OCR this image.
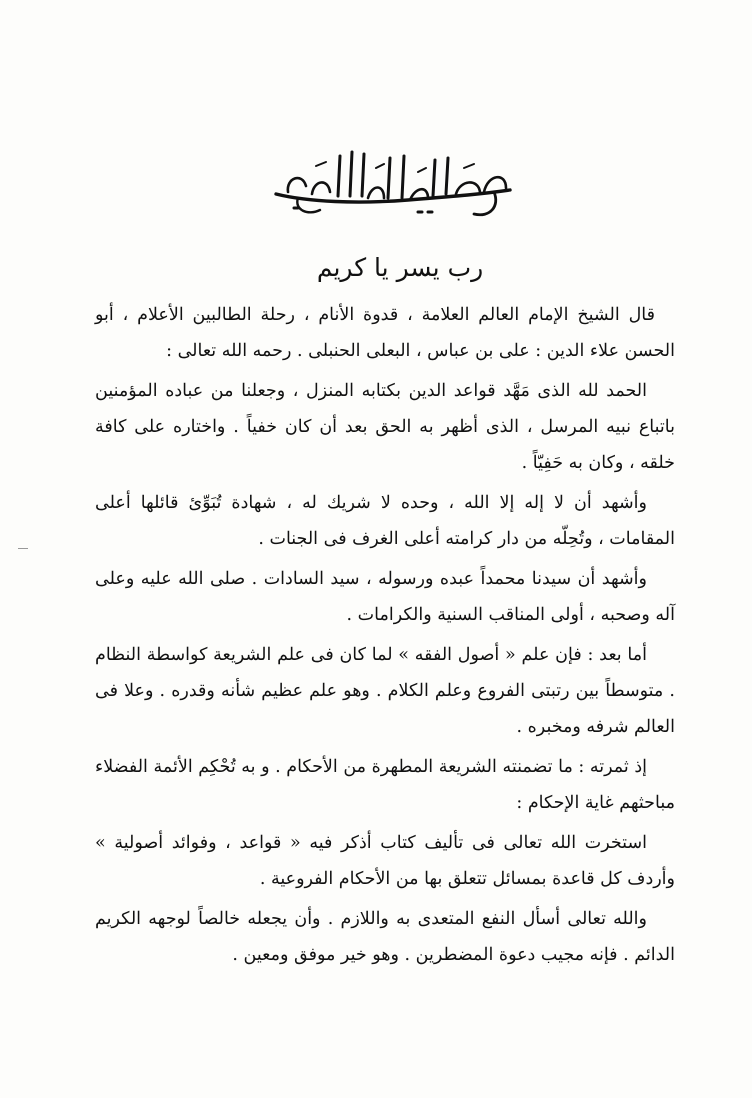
بسم الله الرحمن الرحيم
رب يسر يا كريم

قال الشيخ الإمام العالم العلامة ، قدوة الأنام ، رحلة الطالبين الأعلام ، أبو الحسن علاء الدين : على بن عباس ، البعلى الحنبلى . رحمه الله تعالى :

الحمد لله الذى مَهَّد قواعد الدين بكتابه المنزل ، وجعلنا من عباده المؤمنين باتباع نبيه المرسل ، الذى أظهر به الحق بعد أن كان خفياً . واختاره على كافة خلقه ، وكان به حَفِيّاً .

وأشهد أن لا إله إلا الله ، وحده لا شريك له ، شهادة تُبَوِّئ قائلها أعلى المقامات ، وتُحِلّه من دار كرامته أعلى الغرف فى الجنات .

وأشهد أن سيدنا محمداً عبده ورسوله ، سيد السادات . صلى الله عليه وعلى آله وصحبه ، أولى المناقب السنية والكرامات .

أما بعد : فإن علم « أصول الفقه » لما كان فى علم الشريعة كواسطة النظام . متوسطاً بين رتبتى الفروع وعلم الكلام . وهو علم عظيم شأنه وقدره . وعلا فى العالم شرفه ومخبره .

إذ ثمرته : ما تضمنته الشريعة المطهرة من الأحكام . و به تُحْكِم الأئمة الفضلاء مباحثهم غاية الإحكام :

استخرت الله تعالى فى تأليف كتاب أذكر فيه « قواعد ، وفوائد أصولية » وأردف كل قاعدة بمسائل تتعلق بها من الأحكام الفروعية .

والله تعالى أسأل النفع المتعدى به واللازم . وأن يجعله خالصاً لوجهه الكريم الدائم . فإنه مجيب دعوة المضطرين . وهو خير موفق ومعين .
